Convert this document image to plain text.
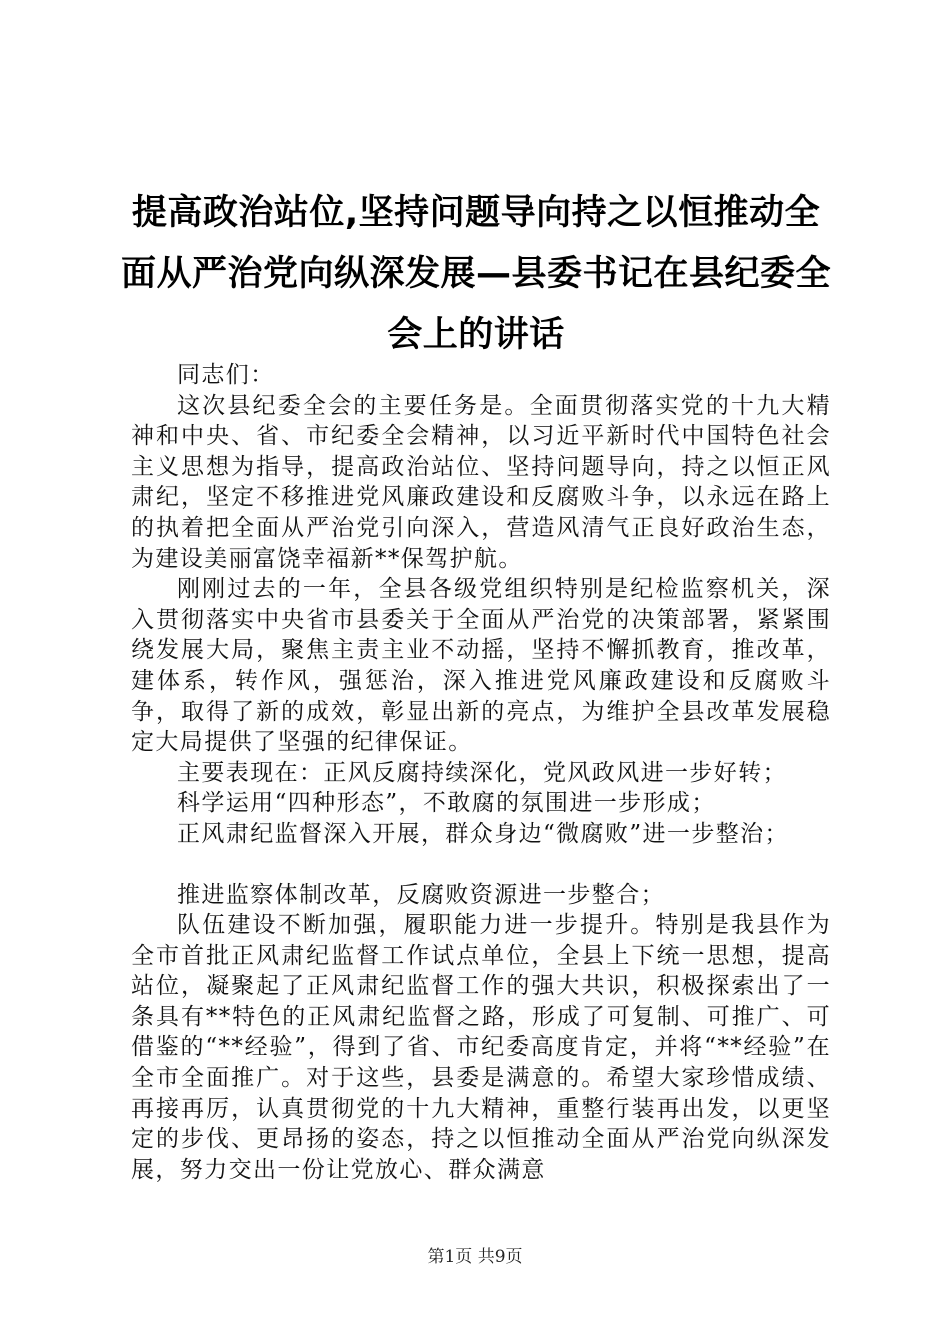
提高政治站位,坚持问题导向持之以恒推动全面从严治党向纵深发展—县委书记在县纪委全会上的讲话

同志们：

这次县纪委全会的主要任务是。全面贯彻落实党的十九大精神和中央、省、市纪委全会精神，以习近平新时代中国特色社会主义思想为指导，提高政治站位、坚持问题导向，持之以恒正风肃纪，坚定不移推进党风廉政建设和反腐败斗争，以永远在路上的执着把全面从严治党引向深入，营造风清气正良好政治生态，为建设美丽富饶幸福新**保驾护航。

刚刚过去的一年，全县各级党组织特别是纪检监察机关，深入贯彻落实中央省市县委关于全面从严治党的决策部署，紧紧围绕发展大局，聚焦主责主业不动摇，坚持不懈抓教育，推改革，建体系，转作风，强惩治，深入推进党风廉政建设和反腐败斗争，取得了新的成效，彰显出新的亮点，为维护全县改革发展稳定大局提供了坚强的纪律保证。

主要表现在：正风反腐持续深化，党风政风进一步好转；

科学运用“四种形态”，不敢腐的氛围进一步形成；

正风肃纪监督深入开展，群众身边“微腐败”进一步整治；

推进监察体制改革，反腐败资源进一步整合；

队伍建设不断加强，履职能力进一步提升。特别是我县作为全市首批正风肃纪监督工作试点单位，全县上下统一思想，提高站位，凝聚起了正风肃纪监督工作的强大共识，积极探索出了一条具有**特色的正风肃纪监督之路，形成了可复制、可推广、可借鉴的“**经验”，得到了省、市纪委高度肯定，并将“**经验”在全市全面推广。对于这些，县委是满意的。希望大家珍惜成绩、再接再厉，认真贯彻党的十九大精神，重整行装再出发，以更坚定的步伐、更昂扬的姿态，持之以恒推动全面从严治党向纵深发展，努力交出一份让党放心、群众满意

第1页 共9页
